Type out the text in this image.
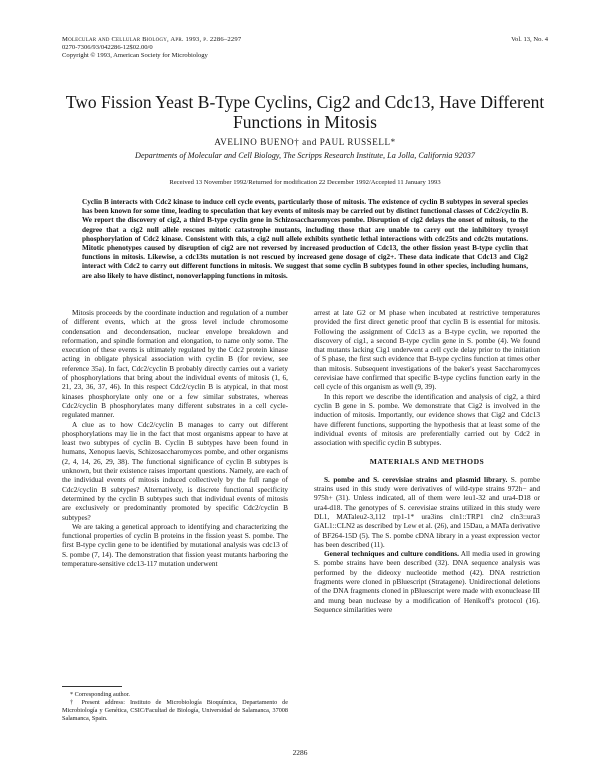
Molecular and Cellular Biology, Apr. 1993, p. 2286–2297
0270-7306/93/042286-12$02.00/0
Copyright © 1993, American Society for Microbiology
Vol. 13, No. 4
Two Fission Yeast B-Type Cyclins, Cig2 and Cdc13, Have Different Functions in Mitosis
AVELINO BUENO† and PAUL RUSSELL*
Departments of Molecular and Cell Biology, The Scripps Research Institute, La Jolla, California 92037
Received 13 November 1992/Returned for modification 22 December 1992/Accepted 11 January 1993
Cyclin B interacts with Cdc2 kinase to induce cell cycle events, particularly those of mitosis. The existence of cyclin B subtypes in several species has been known for some time, leading to speculation that key events of mitosis may be carried out by distinct functional classes of Cdc2/cyclin B. We report the discovery of cig2, a third B-type cyclin gene in Schizosaccharomyces pombe. Disruption of cig2 delays the onset of mitosis, to the degree that a cig2 null allele rescues mitotic catastrophe mutants, including those that are unable to carry out the inhibitory tyrosyl phosphorylation of Cdc2 kinase. Consistent with this, a cig2 null allele exhibits synthetic lethal interactions with cdc25ts and cdc2ts mutations. Mitotic phenotypes caused by disruption of cig2 are not reversed by increased production of Cdc13, the other fission yeast B-type cyclin that functions in mitosis. Likewise, a cdc13ts mutation is not rescued by increased gene dosage of cig2+. These data indicate that Cdc13 and Cig2 interact with Cdc2 to carry out different functions in mitosis. We suggest that some cyclin B subtypes found in other species, including humans, are also likely to have distinct, nonoverlapping functions in mitosis.

Mitosis proceeds by the coordinate induction and regulation of a number of different events, which at the gross level include chromosome condensation and decondensation, nuclear envelope breakdown and reformation, and spindle formation and elongation, to name only some. The execution of these events is ultimately regulated by the Cdc2 protein kinase acting in obligate physical association with cyclin B (for review, see reference 35a). In fact, Cdc2/cyclin B probably directly carries out a variety of phosphorylations that bring about the individual events of mitosis (1, 6, 21, 23, 36, 37, 46). In this respect Cdc2/cyclin B is atypical, in that most kinases phosphorylate only one or a few similar substrates, whereas Cdc2/cyclin B phosphorylates many different substrates in a cell cycle-regulated manner.

A clue as to how Cdc2/cyclin B manages to carry out different phosphorylations may lie in the fact that most organisms appear to have at least two subtypes of cyclin B. Cyclin B subtypes have been found in humans, Xenopus laevis, Schizosaccharomyces pombe, and other organisms (2, 4, 14, 26, 29, 38). The functional significance of cyclin B subtypes is unknown, but their existence raises important questions. Namely, are each of the individual events of mitosis induced collectively by the full range of Cdc2/cyclin B subtypes? Alternatively, is discrete functional specificity determined by the cyclin B subtypes such that individual events of mitosis are exclusively or predominantly promoted by specific Cdc2/cyclin B subtypes?

We are taking a genetical approach to identifying and characterizing the functional properties of cyclin B proteins in the fission yeast S. pombe. The first B-type cyclin gene to be identified by mutational analysis was cdc13 of S. pombe (7, 14). The demonstration that fission yeast mutants harboring the temperature-sensitive cdc13-117 mutation underwent

arrest at late G2 or M phase when incubated at restrictive temperatures provided the first direct genetic proof that cyclin B is essential for mitosis. Following the assignment of Cdc13 as a B-type cyclin, we reported the discovery of cig1, a second B-type cyclin gene in S. pombe (4). We found that mutants lacking Cig1 underwent a cell cycle delay prior to the initiation of S phase, the first such evidence that B-type cyclins function at times other than mitosis. Subsequent investigations of the baker's yeast Saccharomyces cerevisiae have confirmed that specific B-type cyclins function early in the cell cycle of this organism as well (9, 39).

In this report we describe the identification and analysis of cig2, a third cyclin B gene in S. pombe. We demonstrate that Cig2 is involved in the induction of mitosis. Importantly, our evidence shows that Cig2 and Cdc13 have different functions, supporting the hypothesis that at least some of the individual events of mitosis are preferentially carried out by Cdc2 in association with specific cyclin B subtypes.

MATERIALS AND METHODS

S. pombe and S. cerevisiae strains and plasmid library. S. pombe strains used in this study were derivatives of wild-type strains 972h− and 975h+ (31). Unless indicated, all of them were leu1-32 and ura4-D18 or ura4-d18. The genotypes of S. cerevisiae strains utilized in this study were DL1, MATaleu2-3,112 trp1-1* ura3ins cln1::TRP1 cln2 cln3::ura3 GAL1::CLN2 as described by Lew et al. (26), and 15Dau, a MATa derivative of BF264-15D (5). The S. pombe cDNA library in a yeast expression vector has been described (11).

General techniques and culture conditions. All media used in growing S. pombe strains have been described (32). DNA sequence analysis was performed by the dideoxy nucleotide method (42). DNA restriction fragments were cloned in pBluescript (Stratagene). Unidirectional deletions of the DNA fragments cloned in pBluescript were made with exonuclease III and mung bean nuclease by a modification of Henikoff's protocol (16). Sequence similarities were

* Corresponding author.

† Present address: Instituto de Microbiología Bioquímica, Departamento de Microbiología y Genética, CSIC/Facultad de Biología, Universidad de Salamanca, 37008 Salamanca, Spain.

2286
